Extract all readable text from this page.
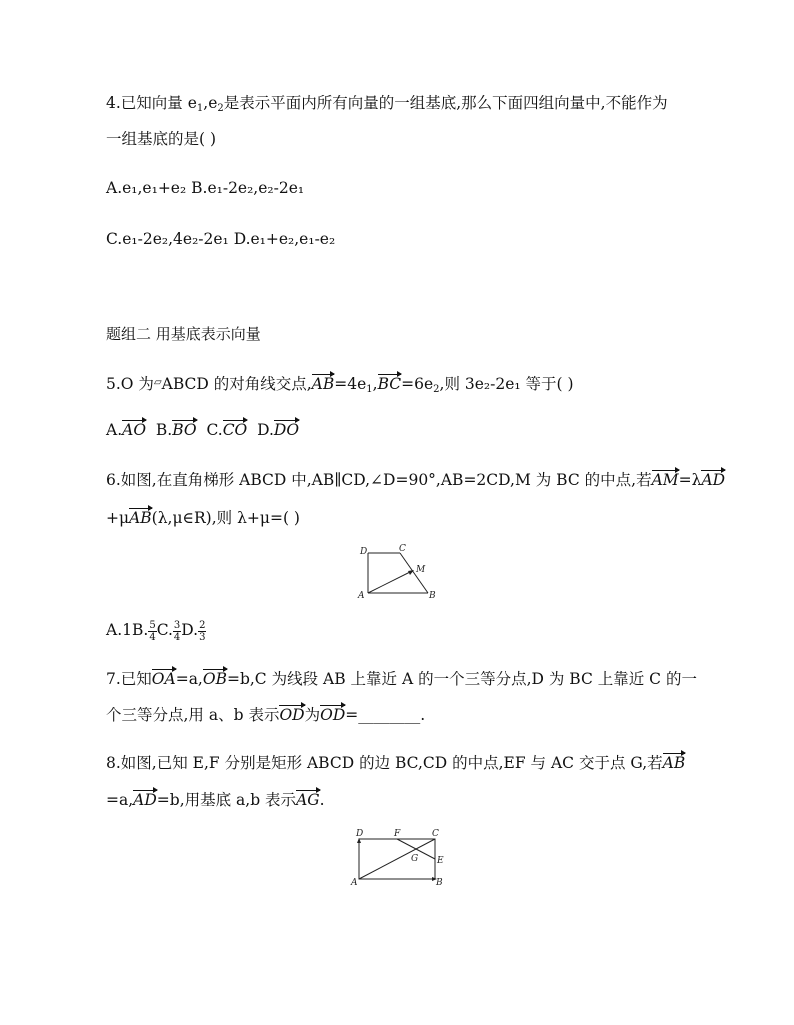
4.已知向量 $e_1,e_2$是表示平面内所有向量的一组基底,那么下面四组向量中,不能作为
一组基底的是( )
A.e₁,e₁+e₂ B.e₁-2e₂,e₂-2e₁
C.e₁-2e₂,4e₂-2e₁ D.e₁+e₂,e₁-e₂
题组二 用基底表示向量
5.O 为▱ABCD 的对角线交点$,AB=4e_1,BC=6e_2$,则 3e₂-2e₁ 等于( )
A.AO  B.BO  C.CO  D.DO
6.如图,在直角梯形 ABCD 中,AB∥CD,∠D=90°,AB=2CD,M 为 BC 的中点,若AM=λAD
+μAB(λ,μ∈R),则 λ+μ=( )
D	C
M
A	B
A.1B. $\frac{5}{4} C$. $\frac{3}{4} D$. $\frac{2}{3}$
7.已知OA=a,OB=b,C 为线段 AB 上靠近 A 的一个三等分点,D 为 BC 上靠近 C 的一
个三等分点,用 a、b 表示OD为OD=________.
8.如图,已知 E,F 分别是矩形 ABCD 的边 BC,CD 的中点,EF 与 AC 交于点 G,若AB
=a,AD=b,用基底 a,b 表示AG.
D	F	C
G E
A	B
